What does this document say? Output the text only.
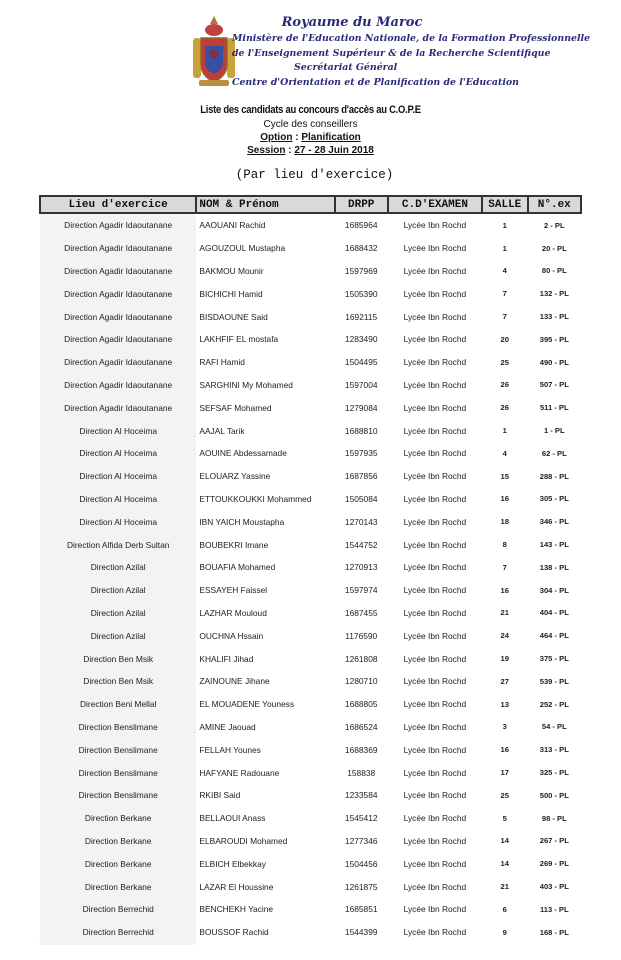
Royaume du Maroc
Ministère de l'Education Nationale, de la Formation Professionnelle
de l'Enseignement Supérieur & de la Recherche Scientifique
Secrétariat Général
Centre d'Orientation et de Planification de l'Education
Liste des candidats au concours d'accès au C.O.P.E
Cycle des conseillers
Option : Planification
Session : 27 - 28 Juin 2018
(Par lieu d'exercice)
Lieu d'exercice	NOM & Prénom	DRPP	C.D'EXAMEN	SALLE	N°.ex
Direction Agadir Idaoutanane	AAOUANI Rachid	1685964	Lycée Ibn Rochd	1	2 - PL
Direction Agadir Idaoutanane	AGOUZOUL Mustapha	1688432	Lycée Ibn Rochd	1	20 - PL
Direction Agadir Idaoutanane	BAKMOU Mounir	1597969	Lycée Ibn Rochd	4	80 - PL
Direction Agadir Idaoutanane	BICHICHI Hamid	1505390	Lycée Ibn Rochd	7	132 - PL
Direction Agadir Idaoutanane	BISDAOUNE Said	1692115	Lycée Ibn Rochd	7	133 - PL
Direction Agadir Idaoutanane	LAKHFIF EL mostafa	1283490	Lycée Ibn Rochd	20	395 - PL
Direction Agadir Idaoutanane	RAFI Hamid	1504495	Lycée Ibn Rochd	25	490 - PL
Direction Agadir Idaoutanane	SARGHINI My Mohamed	1597004	Lycée Ibn Rochd	26	507 - PL
Direction Agadir Idaoutanane	SEFSAF Mohamed	1279084	Lycée Ibn Rochd	26	511 - PL
Direction Al Hoceima	AAJAL Tarik	1688810	Lycée Ibn Rochd	1	1 - PL
Direction Al Hoceima	AOUINE Abdessamade	1597935	Lycée Ibn Rochd	4	62 - PL
Direction Al Hoceima	ELOUARZ Yassine	1687856	Lycée Ibn Rochd	15	288 - PL
Direction Al Hoceima	ETTOUKKOUKKI Mohammed	1505084	Lycée Ibn Rochd	16	305 - PL
Direction Al Hoceima	IBN YAICH Moustapha	1270143	Lycée Ibn Rochd	18	346 - PL
Direction Alfida Derb Sultan	BOUBEKRI Imane	1544752	Lycée Ibn Rochd	8	143 - PL
Direction Azilal	BOUAFIA Mohamed	1270913	Lycée Ibn Rochd	7	138 - PL
Direction Azilal	ESSAYEH Faissel	1597974	Lycée Ibn Rochd	16	304 - PL
Direction Azilal	LAZHAR Mouloud	1687455	Lycée Ibn Rochd	21	404 - PL
Direction Azilal	OUCHNA Hssain	1176590	Lycée Ibn Rochd	24	464 - PL
Direction Ben Msik	KHALIFI Jihad	1261808	Lycée Ibn Rochd	19	375 - PL
Direction Ben Msik	ZAINOUNE Jihane	1280710	Lycée Ibn Rochd	27	539 - PL
Direction Beni Mellal	EL MOUADENE Youness	1688805	Lycée Ibn Rochd	13	252 - PL
Direction Benslimane	AMINE Jaouad	1686524	Lycée Ibn Rochd	3	54 - PL
Direction Benslimane	FELLAH Younes	1688369	Lycée Ibn Rochd	16	313 - PL
Direction Benslimane	HAFYANE Radouane	158838	Lycée Ibn Rochd	17	325 - PL
Direction Benslimane	RKIBI Said	1233584	Lycée Ibn Rochd	25	500 - PL
Direction Berkane	BELLAOUI Anass	1545412	Lycée Ibn Rochd	5	98 - PL
Direction Berkane	ELBAROUDI Mohamed	1277346	Lycée Ibn Rochd	14	267 - PL
Direction Berkane	ELBICH Elbekkay	1504456	Lycée Ibn Rochd	14	269 - PL
Direction Berkane	LAZAR El Houssine	1261875	Lycée Ibn Rochd	21	403 - PL
Direction Berrechid	BENCHEKH Yacine	1685851	Lycée Ibn Rochd	6	113 - PL
Direction Berrechid	BOUSSOF Rachid	1544399	Lycée Ibn Rochd	9	168 - PL
